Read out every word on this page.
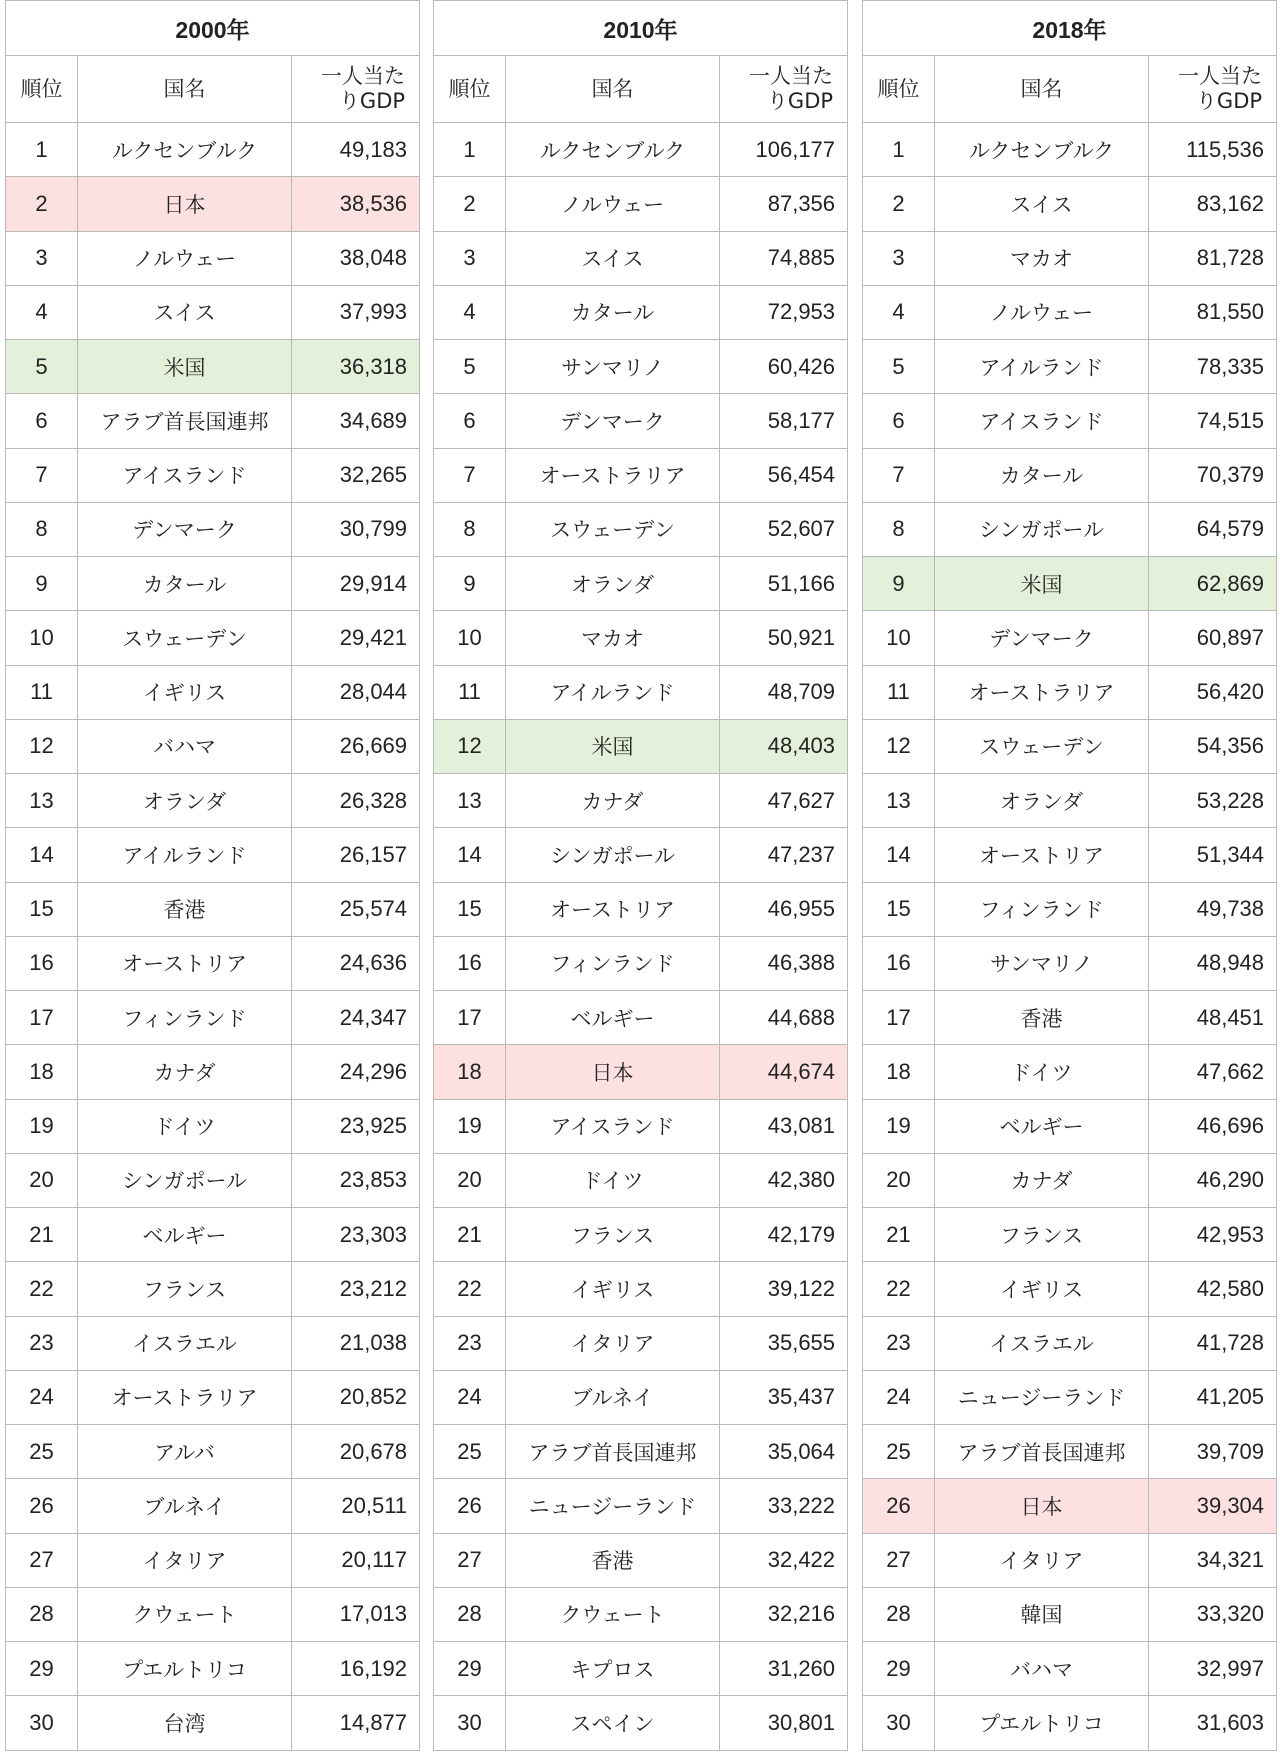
2000年		
順位	国名	一人当た
りGDP
1	ルクセンブルク	49,183
2	日本	38,536
3	ノルウェー	38,048
4	スイス	37,993
5	米国	36,318
6	アラブ首長国連邦	34,689
7	アイスランド	32,265
8	デンマーク	30,799
9	カタール	29,914
10	スウェーデン	29,421
11	イギリス	28,044
12	バハマ	26,669
13	オランダ	26,328
14	アイルランド	26,157
15	香港	25,574
16	オーストリア	24,636
17	フィンランド	24,347
18	カナダ	24,296
19	ドイツ	23,925
20	シンガポール	23,853
21	ベルギー	23,303
22	フランス	23,212
23	イスラエル	21,038
24	オーストラリア	20,852
25	アルバ	20,678
26	ブルネイ	20,511
27	イタリア	20,117
28	クウェート	17,013
29	プエルトリコ	16,192
30	台湾	14,877
2010年		
順位	国名	一人当た
りGDP
1	ルクセンブルク	106,177
2	ノルウェー	87,356
3	スイス	74,885
4	カタール	72,953
5	サンマリノ	60,426
6	デンマーク	58,177
7	オーストラリア	56,454
8	スウェーデン	52,607
9	オランダ	51,166
10	マカオ	50,921
11	アイルランド	48,709
12	米国	48,403
13	カナダ	47,627
14	シンガポール	47,237
15	オーストリア	46,955
16	フィンランド	46,388
17	ベルギー	44,688
18	日本	44,674
19	アイスランド	43,081
20	ドイツ	42,380
21	フランス	42,179
22	イギリス	39,122
23	イタリア	35,655
24	ブルネイ	35,437
25	アラブ首長国連邦	35,064
26	ニュージーランド	33,222
27	香港	32,422
28	クウェート	32,216
29	キプロス	31,260
30	スペイン	30,801
2018年		
順位	国名	一人当た
りGDP
1	ルクセンブルク	115,536
2	スイス	83,162
3	マカオ	81,728
4	ノルウェー	81,550
5	アイルランド	78,335
6	アイスランド	74,515
7	カタール	70,379
8	シンガポール	64,579
9	米国	62,869
10	デンマーク	60,897
11	オーストラリア	56,420
12	スウェーデン	54,356
13	オランダ	53,228
14	オーストリア	51,344
15	フィンランド	49,738
16	サンマリノ	48,948
17	香港	48,451
18	ドイツ	47,662
19	ベルギー	46,696
20	カナダ	46,290
21	フランス	42,953
22	イギリス	42,580
23	イスラエル	41,728
24	ニュージーランド	41,205
25	アラブ首長国連邦	39,709
26	日本	39,304
27	イタリア	34,321
28	韓国	33,320
29	バハマ	32,997
30	プエルトリコ	31,603
